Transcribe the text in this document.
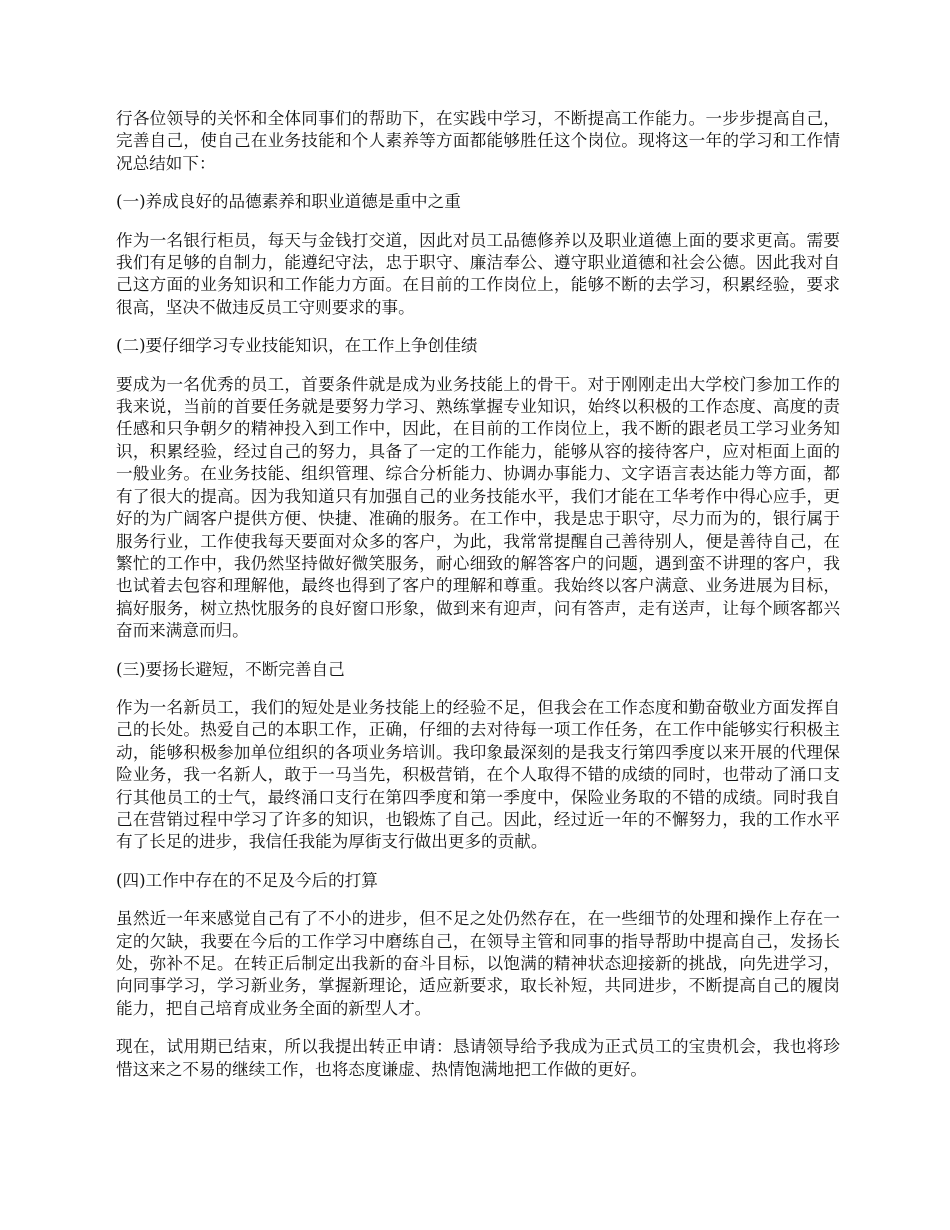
行各位领导的关怀和全体同事们的帮助下，在实践中学习，不断提高工作能力。一步步提高自己，完善自己，使自己在业务技能和个人素养等方面都能够胜任这个岗位。现将这一年的学习和工作情况总结如下：

(一)养成良好的品德素养和职业道德是重中之重

作为一名银行柜员，每天与金钱打交道，因此对员工品德修养以及职业道德上面的要求更高。需要我们有足够的自制力，能遵纪守法，忠于职守、廉洁奉公、遵守职业道德和社会公德。因此我对自己这方面的业务知识和工作能力方面。在目前的工作岗位上，能够不断的去学习，积累经验，要求很高，坚决不做违反员工守则要求的事。

(二)要仔细学习专业技能知识，在工作上争创佳绩

要成为一名优秀的员工，首要条件就是成为业务技能上的骨干。对于刚刚走出大学校门参加工作的我来说，当前的首要任务就是要努力学习、熟练掌握专业知识，始终以积极的工作态度、高度的责任感和只争朝夕的精神投入到工作中，因此，在目前的工作岗位上，我不断的跟老员工学习业务知识，积累经验，经过自己的努力，具备了一定的工作能力，能够从容的接待客户，应对柜面上面的一般业务。在业务技能、组织管理、综合分析能力、协调办事能力、文字语言表达能力等方面，都有了很大的提高。因为我知道只有加强自己的业务技能水平，我们才能在工华考作中得心应手，更好的为广阔客户提供方便、快捷、准确的服务。在工作中，我是忠于职守，尽力而为的，银行属于服务行业，工作使我每天要面对众多的客户，为此，我常常提醒自己善待别人，便是善待自己，在繁忙的工作中，我仍然坚持做好微笑服务，耐心细致的解答客户的问题，遇到蛮不讲理的客户，我也试着去包容和理解他，最终也得到了客户的理解和尊重。我始终以客户满意、业务进展为目标，搞好服务，树立热忱服务的良好窗口形象，做到来有迎声，问有答声，走有送声，让每个顾客都兴奋而来满意而归。

(三)要扬长避短，不断完善自己

作为一名新员工，我们的短处是业务技能上的经验不足，但我会在工作态度和勤奋敬业方面发挥自己的长处。热爱自己的本职工作，正确，仔细的去对待每一项工作任务，在工作中能够实行积极主动，能够积极参加单位组织的各项业务培训。我印象最深刻的是我支行第四季度以来开展的代理保险业务，我一名新人，敢于一马当先，积极营销，在个人取得不错的成绩的同时，也带动了涌口支行其他员工的士气，最终涌口支行在第四季度和第一季度中，保险业务取的不错的成绩。同时我自己在营销过程中学习了许多的知识，也锻炼了自己。因此，经过近一年的不懈努力，我的工作水平有了长足的进步，我信任我能为厚街支行做出更多的贡献。

(四)工作中存在的不足及今后的打算

虽然近一年来感觉自己有了不小的进步，但不足之处仍然存在，在一些细节的处理和操作上存在一定的欠缺，我要在今后的工作学习中磨练自己，在领导主管和同事的指导帮助中提高自己，发扬长处，弥补不足。在转正后制定出我新的奋斗目标，以饱满的精神状态迎接新的挑战，向先进学习，向同事学习，学习新业务，掌握新理论，适应新要求，取长补短，共同进步，不断提高自己的履岗能力，把自己培育成业务全面的新型人才。

现在，试用期已结束，所以我提出转正申请：恳请领导给予我成为正式员工的宝贵机会，我也将珍惜这来之不易的继续工作，也将态度谦虚、热情饱满地把工作做的更好。
